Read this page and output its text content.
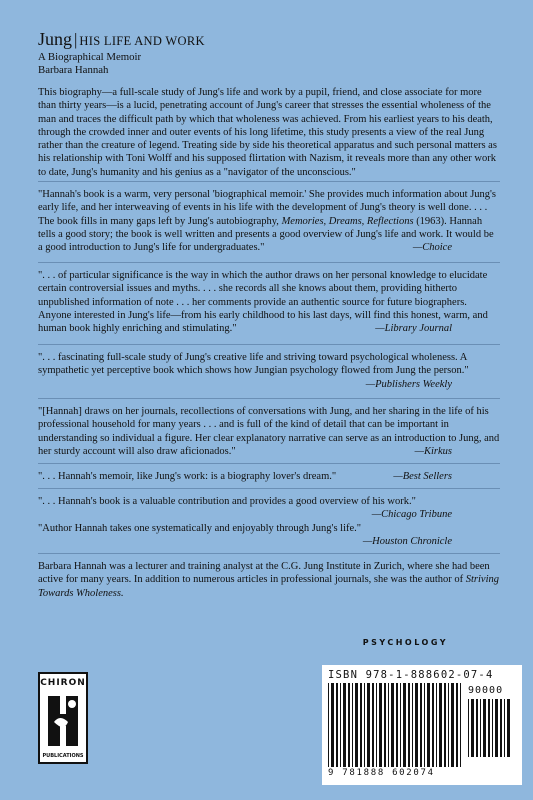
Jung | HIS LIFE AND WORK
A Biographical Memoir
Barbara Hannah
This biography—a full-scale study of Jung's life and work by a pupil, friend, and close associate for more than thirty years—is a lucid, penetrating account of Jung's career that stresses the essential wholeness of the man and traces the difficult path by which that wholeness was achieved. From his earliest years to his death, through the crowded inner and outer events of his long lifetime, this study presents a view of the real Jung rather than the creature of legend. Treating side by side his theoretical apparatus and such personal matters as his relationship with Toni Wolff and his supposed flirtation with Nazism, it reveals more than any other work to date, Jung's humanity and his genius as a "navigator of the unconscious."
"Hannah's book is a warm, very personal 'biographical memoir.' She provides much information about Jung's early life, and her interweaving of events in his life with the development of Jung's theory is well done. . . . The book fills in many gaps left by Jung's autobiography, Memories, Dreams, Reflections (1963). Hannah tells a good story; the book is well written and presents a good overview of Jung's life and work. It would be a good introduction to Jung's life for undergraduates."	—Choice
". . . of particular significance is the way in which the author draws on her personal knowledge to elucidate certain controversial issues and myths. . . . she records all she knows about them, providing hitherto unpublished information of note . . . her comments provide an authentic source for future biographers. Anyone interested in Jung's life—from his early childhood to his last days, will find this honest, warm, and human book highly enriching and stimulating."	—Library Journal
". . . fascinating full-scale study of Jung's creative life and striving toward psychological wholeness. A sympathetic yet perceptive book which shows how Jungian psychology flowed from Jung the person."
—Publishers Weekly
"[Hannah] draws on her journals, recollections of conversations with Jung, and her sharing in the life of his professional household for many years . . . and is full of the kind of detail that can be important in understanding so individual a figure. Her clear explanatory narrative can serve as an introduction to Jung, and her sturdy account will also draw aficionados."	—Kirkus
". . . Hannah's memoir, like Jung's work: is a biography lover's dream."	—Best Sellers
". . . Hannah's book is a valuable contribution and provides a good overview of his work."
—Chicago Tribune
"Author Hannah takes one systematically and enjoyably through Jung's life."
—Houston Chronicle
Barbara Hannah was a lecturer and training analyst at the C.G. Jung Institute in Zurich, where she had been active for many years. In addition to numerous articles in professional journals, she was the author of Striving Towards Wholeness.
PSYCHOLOGY
CHIRON
PUBLICATIONS
ISBN 978-1-888602-07-4
9 781888 602074
90000
